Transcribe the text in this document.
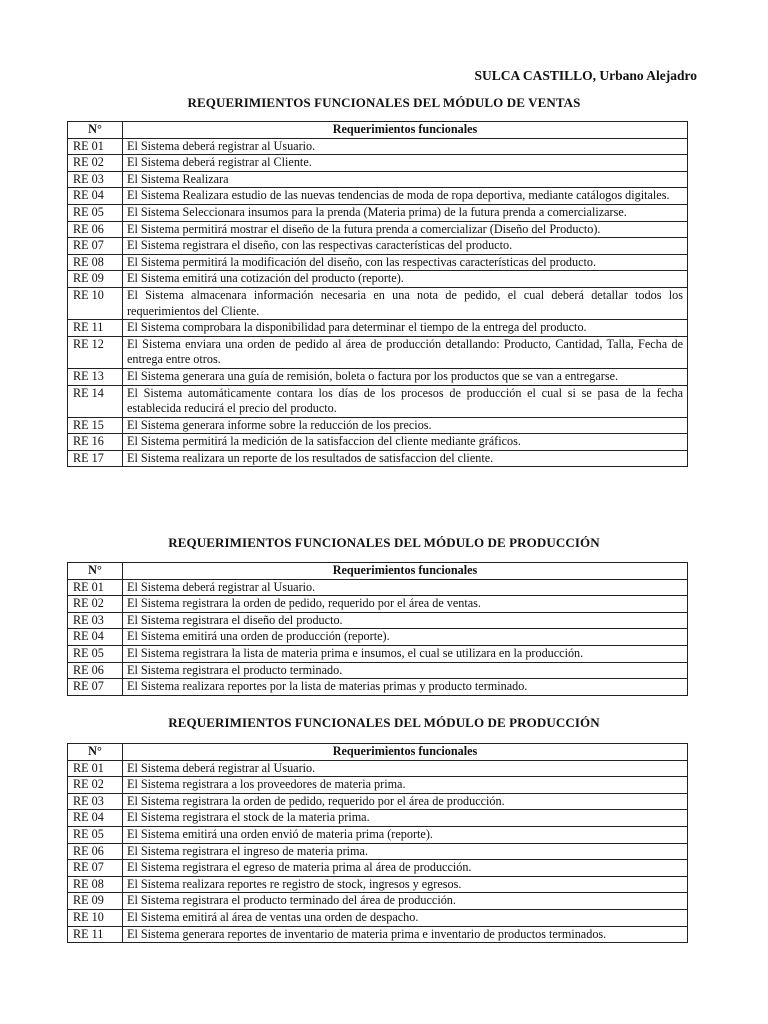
SULCA CASTILLO, Urbano Alejadro
REQUERIMIENTOS FUNCIONALES DEL MÓDULO DE VENTAS
N°	Requerimientos funcionales
RE 01	El Sistema deberá registrar al Usuario.
RE 02	El Sistema deberá registrar al Cliente.
RE 03	El Sistema Realizara
RE 04	El Sistema Realizara estudio de las nuevas tendencias de moda de ropa deportiva, mediante catálogos digitales.
RE 05	El Sistema Seleccionara insumos para la prenda (Materia prima) de la futura prenda a comercializarse.
RE 06	El Sistema permitirá mostrar el diseño de la futura prenda a comercializar (Diseño del Producto).
RE 07	El Sistema registrara el diseño, con las respectivas características del producto.
RE 08	El Sistema permitirá la modificación del diseño, con las respectivas características del producto.
RE 09	El Sistema emitirá una cotización del producto (reporte).
RE 10	El Sistema almacenara información necesaria en una nota de pedido, el cual deberá detallar todos los requerimientos del Cliente.
RE 11	El Sistema comprobara la disponibilidad para determinar el tiempo de la entrega del producto.
RE 12	El Sistema enviara una orden de pedido al área de producción detallando: Producto, Cantidad, Talla, Fecha de entrega entre otros.
RE 13	El Sistema generara una guía de remisión, boleta o factura por los productos que se van a entregarse.
RE 14	El Sistema automáticamente contara los días de los procesos de producción el cual si se pasa de la fecha establecida reducirá el precio del producto.
RE 15	El Sistema generara informe sobre la reducción de los precios.
RE 16	El Sistema permitirá la medición de la satisfaccion del cliente mediante gráficos.
RE 17	El Sistema realizara un reporte de los resultados de satisfaccion del cliente.
REQUERIMIENTOS FUNCIONALES DEL MÓDULO DE PRODUCCIÓN
N°	Requerimientos funcionales
RE 01	El Sistema deberá registrar al Usuario.
RE 02	El Sistema registrara la orden de pedido, requerido por el área de ventas.
RE 03	El Sistema registrara el diseño del producto.
RE 04	El Sistema emitirá una orden de producción (reporte).
RE 05	El Sistema registrara la lista de materia prima e insumos, el cual se utilizara en la producción.
RE 06	El Sistema registrara el producto terminado.
RE 07	El Sistema realizara reportes por la lista de materias primas y producto terminado.
REQUERIMIENTOS FUNCIONALES DEL MÓDULO DE PRODUCCIÓN
N°	Requerimientos funcionales
RE 01	El Sistema deberá registrar al Usuario.
RE 02	El Sistema registrara a los proveedores de materia prima.
RE 03	El Sistema registrara la orden de pedido, requerido por el área de producción.
RE 04	El Sistema registrara el stock de la materia prima.
RE 05	El Sistema emitirá una orden envió de materia prima (reporte).
RE 06	El Sistema registrara el ingreso de materia prima.
RE 07	El Sistema registrara el egreso de materia prima al área de producción.
RE 08	El Sistema realizara reportes re registro de stock, ingresos y egresos.
RE 09	El Sistema registrara el producto terminado del área de producción.
RE 10	El Sistema emitirá al área de ventas una orden de despacho.
RE 11	El Sistema generara reportes de inventario de materia prima e inventario de productos terminados.
